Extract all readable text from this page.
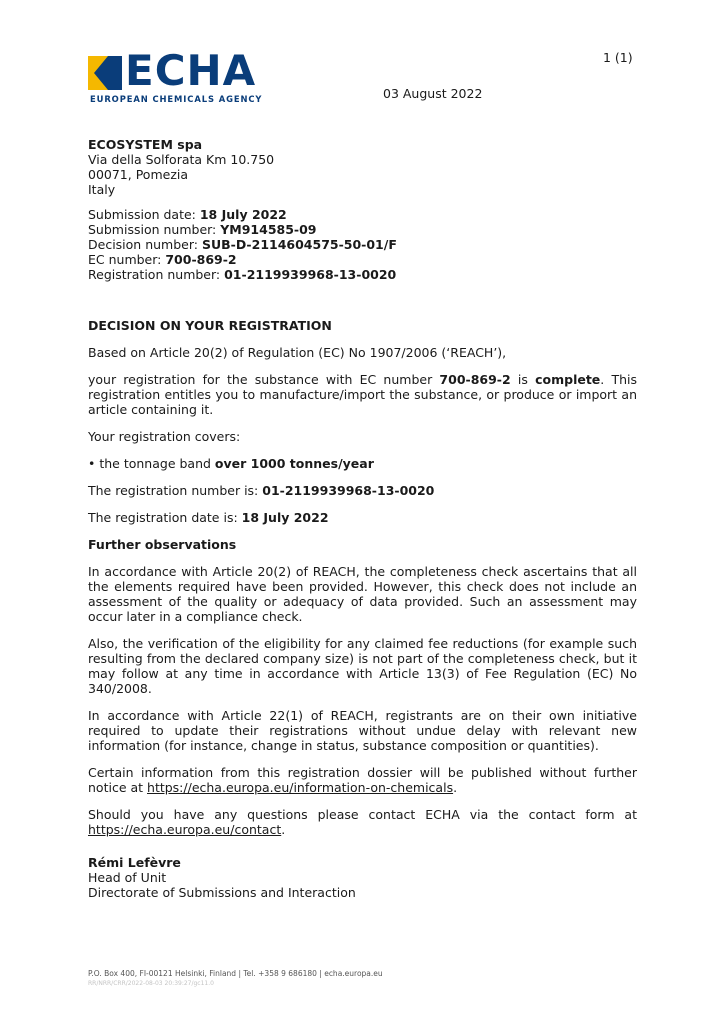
ECHA
EUROPEAN CHEMICALS AGENCY
1 (1)
03 August 2022
ECOSYSTEM spa
Via della Solforata Km 10.750
00071, Pomezia
Italy
Submission date: 18 July 2022
Submission number: YM914585-09
Decision number: SUB-D-2114604575-50-01/F
EC number: 700-869-2
Registration number: 01-2119939968-13-0020
DECISION ON YOUR REGISTRATION

Based on Article 20(2) of Regulation (EC) No 1907/2006 (‘REACH’),

your registration for the substance with EC number 700-869-2 is complete. This registration entitles you to manufacture/import the substance, or produce or import an article containing it.

Your registration covers:

• the tonnage band over 1000 tonnes/year

The registration number is: 01-2119939968-13-0020

The registration date is: 18 July 2022

Further observations

In accordance with Article 20(2) of REACH, the completeness check ascertains that all the elements required have been provided. However, this check does not include an assessment of the quality or adequacy of data provided. Such an assessment may occur later in a compliance check.

Also, the verification of the eligibility for any claimed fee reductions (for example such resulting from the declared company size) is not part of the completeness check, but it may follow at any time in accordance with Article 13(3) of Fee Regulation (EC) No 340/2008.

In accordance with Article 22(1) of REACH, registrants are on their own initiative required to update their registrations without undue delay with relevant new information (for instance, change in status, substance composition or quantities).

Certain information from this registration dossier will be published without further notice at https://echa.europa.eu/information-on-chemicals.

Should you have any questions please contact ECHA via the contact form at https://echa.europa.eu/contact.

Rémi Lefèvre
Head of Unit
Directorate of Submissions and Interaction
P.O. Box 400, FI-00121 Helsinki, Finland | Tel. +358 9 686180 | echa.europa.eu
RR/NRR/CRR/2022-08-03 20:39:27/gc11.0
